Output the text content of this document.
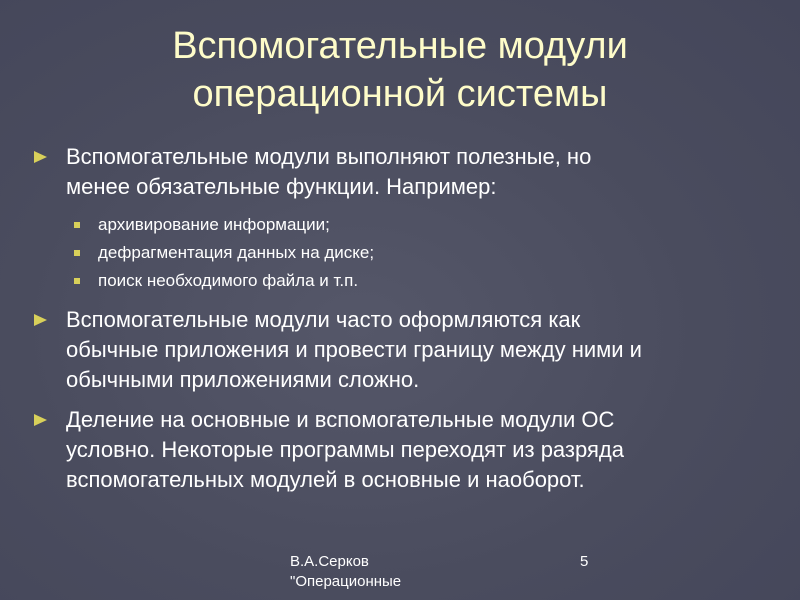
Вспомогательные модули
операционной системы
Вспомогательные модули выполняют полезные, но
менее обязательные функции. Например:
архивирование информации;
дефрагментация данных на диске;
поиск необходимого файла и т.п.
Вспомогательные модули часто оформляются как
обычные приложения и провести границу между ними и
обычными приложениями сложно.
Деление на основные и вспомогательные модули ОС
условно. Некоторые программы переходят из разряда
вспомогательных модулей в основные и наоборот.
В.А.Серков
"Операционные
5
